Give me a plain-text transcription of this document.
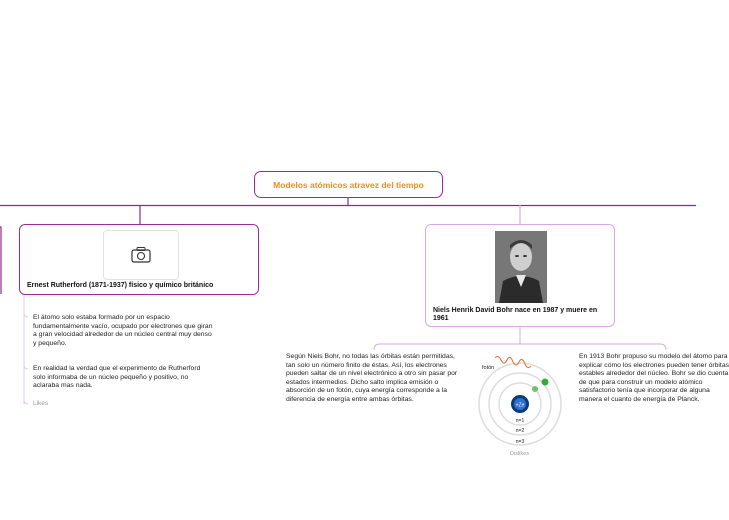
Modelos atómicos atravez del tiempo
Ernest Rutherford (1871-1937) físico y químico británico
El átomo solo estaba formado por un espacio fundamentalmente vacío, ocupado por electrones que giran a gran velocidad alrededor de un núcleo central muy denso y pequeño.
En realidad la verdad que el experimento de Rutherford solo informaba de un núcleo pequeño y positivo, no aclaraba mas nada.
Likes
Niels Henrik David Bohr nace en 1987 y muere en 1961
Según Niels Bohr, no todas las órbitas están permitidas, tan solo un número finito de éstas. Así, los electrones pueden saltar de un nivel electrónico a otro sin pasar por estados intermedios. Dicho salto implica emisión o absorción de un fotón, cuya energía corresponde a la diferencia de energía entre ambas órbitas.
En 1913 Bohr propuso su modelo del átomo para explicar cómo los electrones pueden tener órbitas estables alrededor del núcleo. Bohr se dio cuenta de que para construir un modelo atómico satisfactorio tenía que incorporar de alguna manera el cuanto de energía de Planck.
+Ze
fotón
n=1
n=2
n=3
Dislikes
